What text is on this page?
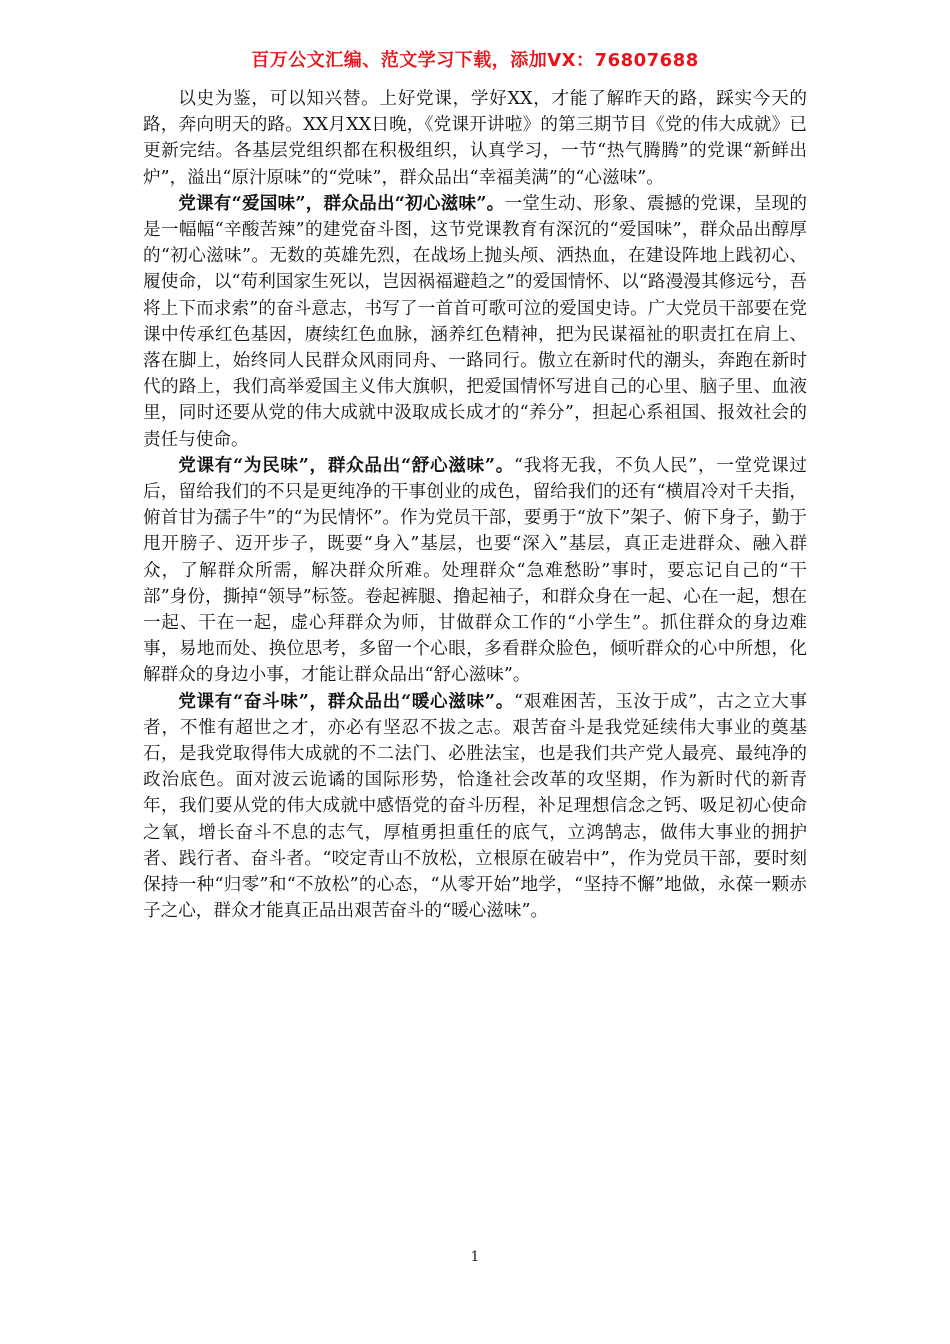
百万公文汇编、范文学习下载，添加VX：76807688

以史为鉴，可以知兴替。上好党课，学好XX，才能了解昨天的路，踩实今天的路，奔向明天的路。XX月XX日晚，《党课开讲啦》的第三期节目《党的伟大成就》已更新完结。各基层党组织都在积极组织，认真学习，一节“热气腾腾”的党课“新鲜出炉”，溢出“原汁原味”的“党味”，群众品出“幸福美满”的“心滋味”。

党课有“爱国味”，群众品出“初心滋味”。一堂生动、形象、震撼的党课，呈现的是一幅幅“辛酸苦辣”的建党奋斗图，这节党课教育有深沉的“爱国味”，群众品出醇厚的“初心滋味”。无数的英雄先烈，在战场上抛头颅、洒热血，在建设阵地上践初心、履使命，以“苟利国家生死以，岂因祸福避趋之”的爱国情怀、以“路漫漫其修远兮，吾将上下而求索”的奋斗意志，书写了一首首可歌可泣的爱国史诗。广大党员干部要在党课中传承红色基因，赓续红色血脉，涵养红色精神，把为民谋福祉的职责扛在肩上、落在脚上，始终同人民群众风雨同舟、一路同行。傲立在新时代的潮头，奔跑在新时代的路上，我们高举爱国主义伟大旗帜，把爱国情怀写进自己的心里、脑子里、血液里，同时还要从党的伟大成就中汲取成长成才的“养分”，担起心系祖国、报效社会的责任与使命。

党课有“为民味”，群众品出“舒心滋味”。“我将无我，不负人民”，一堂党课过后，留给我们的不只是更纯净的干事创业的成色，留给我们的还有“横眉冷对千夫指，俯首甘为孺子牛”的“为民情怀”。作为党员干部，要勇于“放下”架子、俯下身子，勤于甩开膀子、迈开步子，既要“身入”基层，也要“深入”基层，真正走进群众、融入群众，了解群众所需，解决群众所难。处理群众“急难愁盼”事时，要忘记自己的“干部”身份，撕掉“领导”标签。卷起裤腿、撸起袖子，和群众身在一起、心在一起，想在一起、干在一起，虚心拜群众为师，甘做群众工作的“小学生”。抓住群众的身边难事，易地而处、换位思考，多留一个心眼，多看群众脸色，倾听群众的心中所想，化解群众的身边小事，才能让群众品出“舒心滋味”。

党课有“奋斗味”，群众品出“暖心滋味”。“艰难困苦，玉汝于成”，古之立大事者，不惟有超世之才，亦必有坚忍不拔之志。艰苦奋斗是我党延续伟大事业的奠基石，是我党取得伟大成就的不二法门、必胜法宝，也是我们共产党人最亮、最纯净的政治底色。面对波云诡谲的国际形势，恰逢社会改革的攻坚期，作为新时代的新青年，我们要从党的伟大成就中感悟党的奋斗历程，补足理想信念之钙、吸足初心使命之氧，增长奋斗不息的志气，厚植勇担重任的底气，立鸿鹄志，做伟大事业的拥护者、践行者、奋斗者。“咬定青山不放松，立根原在破岩中”，作为党员干部，要时刻保持一种“归零”和“不放松”的心态，“从零开始”地学，“坚持不懈”地做，永葆一颗赤子之心，群众才能真正品出艰苦奋斗的“暖心滋味”。

1
